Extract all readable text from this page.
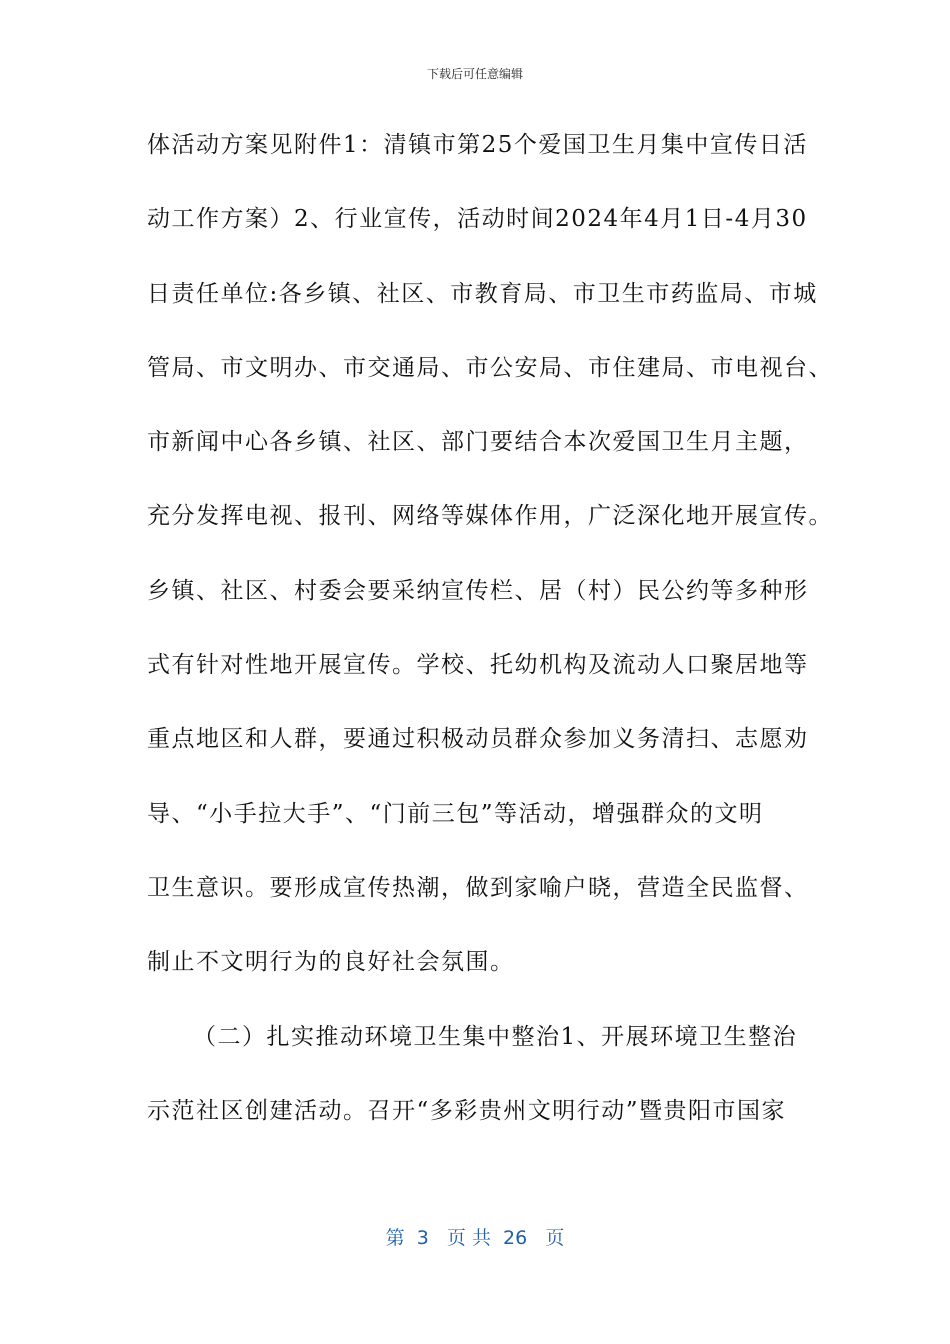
下载后可任意编辑
体活动方案见附件1：清镇市第25个爱国卫生月集中宣传日活
动工作方案）2、行业宣传，活动时间2024年4月1日-4月30
日责任单位:各乡镇、社区、市教育局、市卫生市药监局、市城
管局、市文明办、市交通局、市公安局、市住建局、市电视台、
市新闻中心各乡镇、社区、部门要结合本次爱国卫生月主题，
充分发挥电视、报刊、网络等媒体作用，广泛深化地开展宣传。
乡镇、社区、村委会要采纳宣传栏、居（村）民公约等多种形
式有针对性地开展宣传。学校、托幼机构及流动人口聚居地等
重点地区和人群，要通过积极动员群众参加义务清扫、志愿劝
导、“小手拉大手”、“门前三包”等活动，增强群众的文明
卫生意识。要形成宣传热潮，做到家喻户晓，营造全民监督、
制止不文明行为的良好社会氛围。
（二）扎实推动环境卫生集中整治1、开展环境卫生整治
示范社区创建活动。召开“多彩贵州文明行动”暨贵阳市国家
第  3   页 共  26   页
